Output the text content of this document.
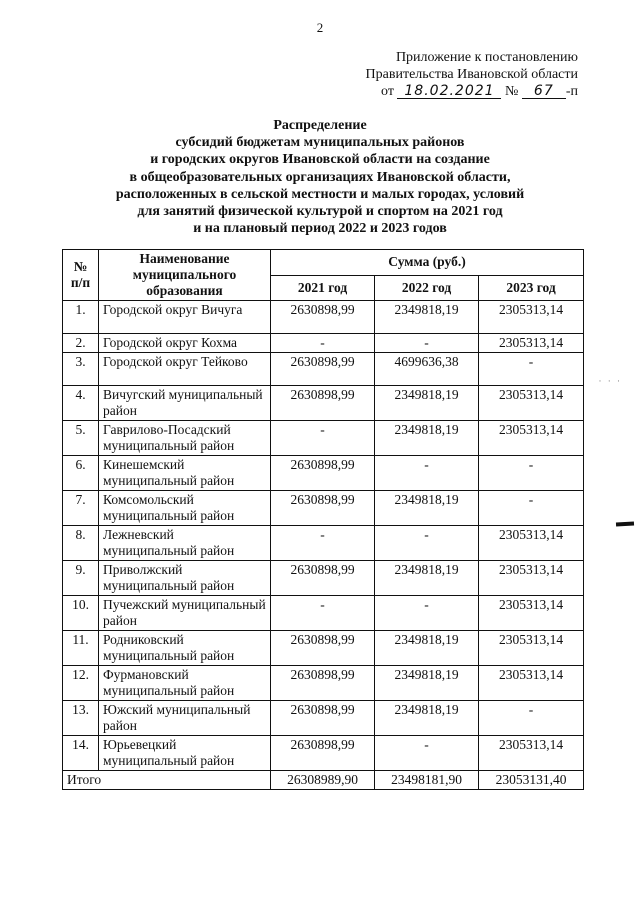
2
Приложение к постановлению
Правительства Ивановской области
от 18.02.2021 № 67 -п
Распределение
субсидий бюджетам муниципальных районов
и городских округов Ивановской области на создание
в общеобразовательных организациях Ивановской области,
расположенных в сельской местности и малых городах, условий
для занятий физической культурой и спортом на 2021 год
и на плановый период 2022 и 2023 годов
№ п/п	Наименование муниципального образования	Сумма (руб.)		
		2021 год	2022 год	2023 год
1.	Городской округ Вичуга	2630898,99	2349818,19	2305313,14
2.	Городской округ Кохма	-	-	2305313,14
3.	Городской округ Тейково	2630898,99	4699636,38	-
4.	Вичугский муниципальный район	2630898,99	2349818,19	2305313,14
5.	Гаврилово-Посадский муниципальный район	-	2349818,19	2305313,14
6.	Кинешемский муниципальный район	2630898,99	-	-
7.	Комсомольский муниципальный район	2630898,99	2349818,19	-
8.	Лежневский муниципальный район	-	-	2305313,14
9.	Приволжский муниципальный район	2630898,99	2349818,19	2305313,14
10.	Пучежский муниципальный район	-	-	2305313,14
11.	Родниковский муниципальный район	2630898,99	2349818,19	2305313,14
12.	Фурмановский муниципальный район	2630898,99	2349818,19	2305313,14
13.	Южский муниципальный район	2630898,99	2349818,19	-
14.	Юрьевецкий муниципальный район	2630898,99	-	2305313,14
Итого		26308989,90	23498181,90	23053131,40
· · ·
